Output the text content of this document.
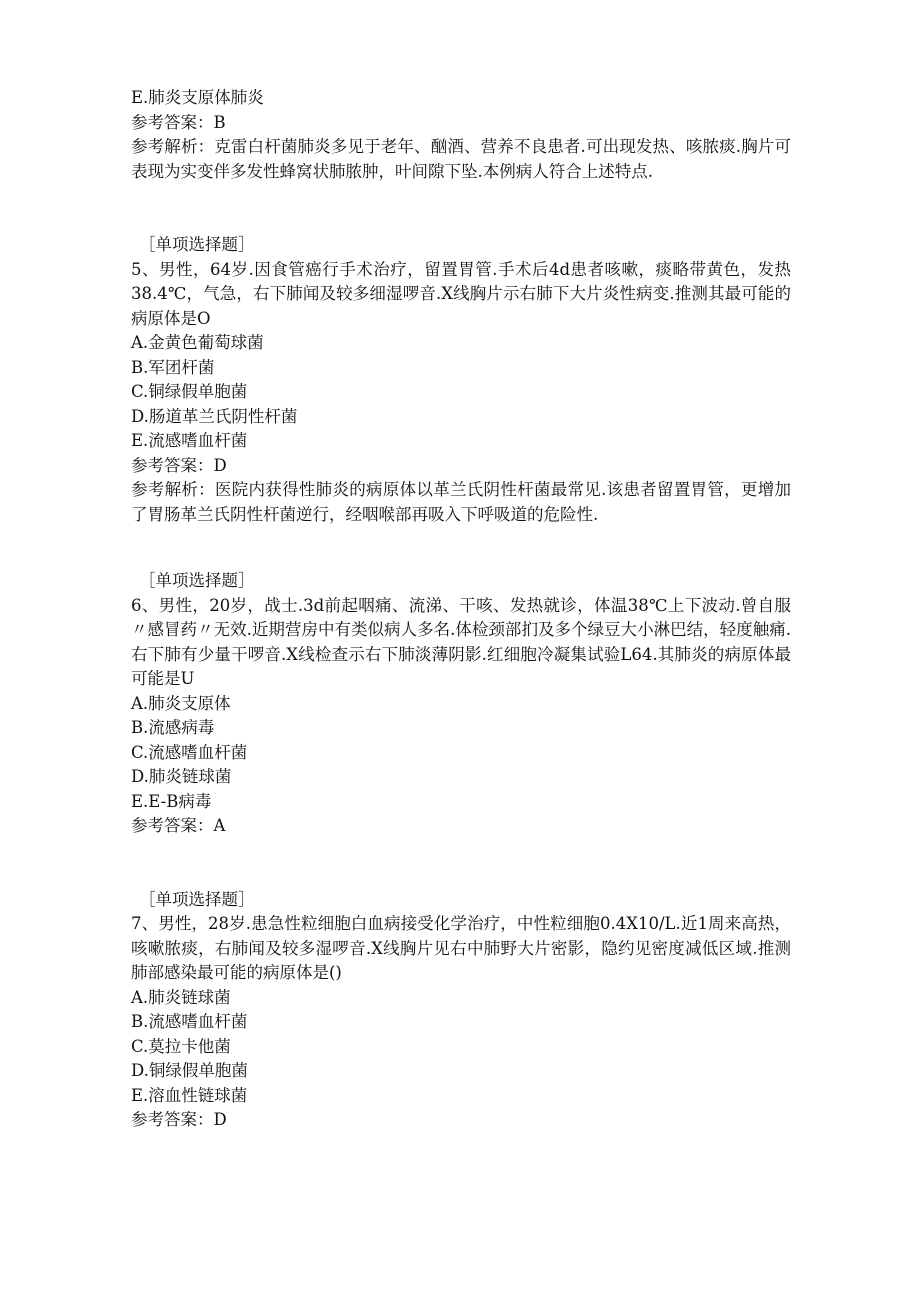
E.肺炎支原体肺炎
参考答案：B
参考解析：克雷白杆菌肺炎多见于老年、酗酒、营养不良患者.可出现发热、咳脓痰.胸片可表现为实变伴多发性蜂窝状肺脓肿，叶间隙下坠.本例病人符合上述特点.
［单项选择题］
5、男性，64岁.因食管癌行手术治疗，留置胃管.手术后4d患者咳嗽，痰略带黄色，发热38.4℃，气急，右下肺闻及较多细湿啰音.X线胸片示右肺下大片炎性病变.推测其最可能的病原体是O
A.金黄色葡萄球菌
B.军团杆菌
C.铜绿假单胞菌
D.肠道革兰氏阴性杆菌
E.流感嗜血杆菌
参考答案：D
参考解析：医院内获得性肺炎的病原体以革兰氏阴性杆菌最常见.该患者留置胃管，更增加了胃肠革兰氏阴性杆菌逆行，经咽喉部再吸入下呼吸道的危险性.
［单项选择题］
6、男性，20岁，战士.3d前起咽痛、流涕、干咳、发热就诊，体温38℃上下波动.曾自服〃感冒药〃无效.近期营房中有类似病人多名.体检颈部扪及多个绿豆大小淋巴结，轻度触痛.右下肺有少量干啰音.X线检查示右下肺淡薄阴影.红细胞冷凝集试验L64.其肺炎的病原体最可能是U
A.肺炎支原体
B.流感病毒
C.流感嗜血杆菌
D.肺炎链球菌
E.E-B病毒
参考答案：A
［单项选择题］
7、男性，28岁.患急性粒细胞白血病接受化学治疗，中性粒细胞0.4X10/L.近1周来高热，咳嗽脓痰，右肺闻及较多湿啰音.X线胸片见右中肺野大片密影，隐约见密度减低区域.推测肺部感染最可能的病原体是()
A.肺炎链球菌
B.流感嗜血杆菌
C.莫拉卡他菌
D.铜绿假单胞菌
E.溶血性链球菌
参考答案：D
